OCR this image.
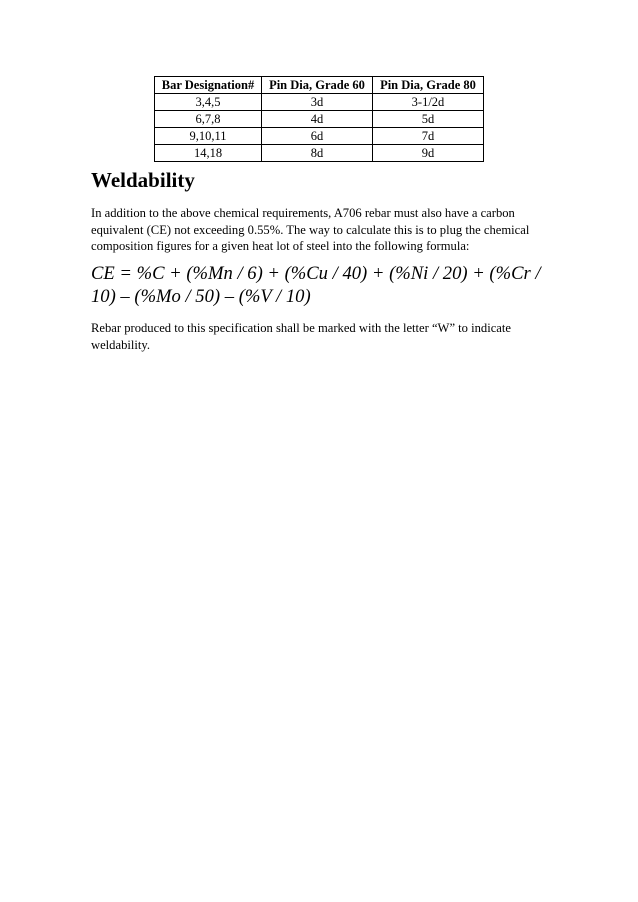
Bar Designation#	Pin Dia, Grade 60	Pin Dia, Grade 80
3,4,5	3d	3-1/2d
6,7,8	4d	5d
9,10,11	6d	7d
14,18	8d	9d
Weldability

In addition to the above chemical requirements, A706 rebar must also have a carbon equivalent (CE) not exceeding 0.55%. The way to calculate this is to plug the chemical composition figures for a given heat lot of steel into the following formula:

CE = %C + (%Mn / 6) + (%Cu / 40) + (%Ni / 20) + (%Cr / 10) – (%Mo / 50) – (%V / 10)

Rebar produced to this specification shall be marked with the letter “W” to indicate weldability.
